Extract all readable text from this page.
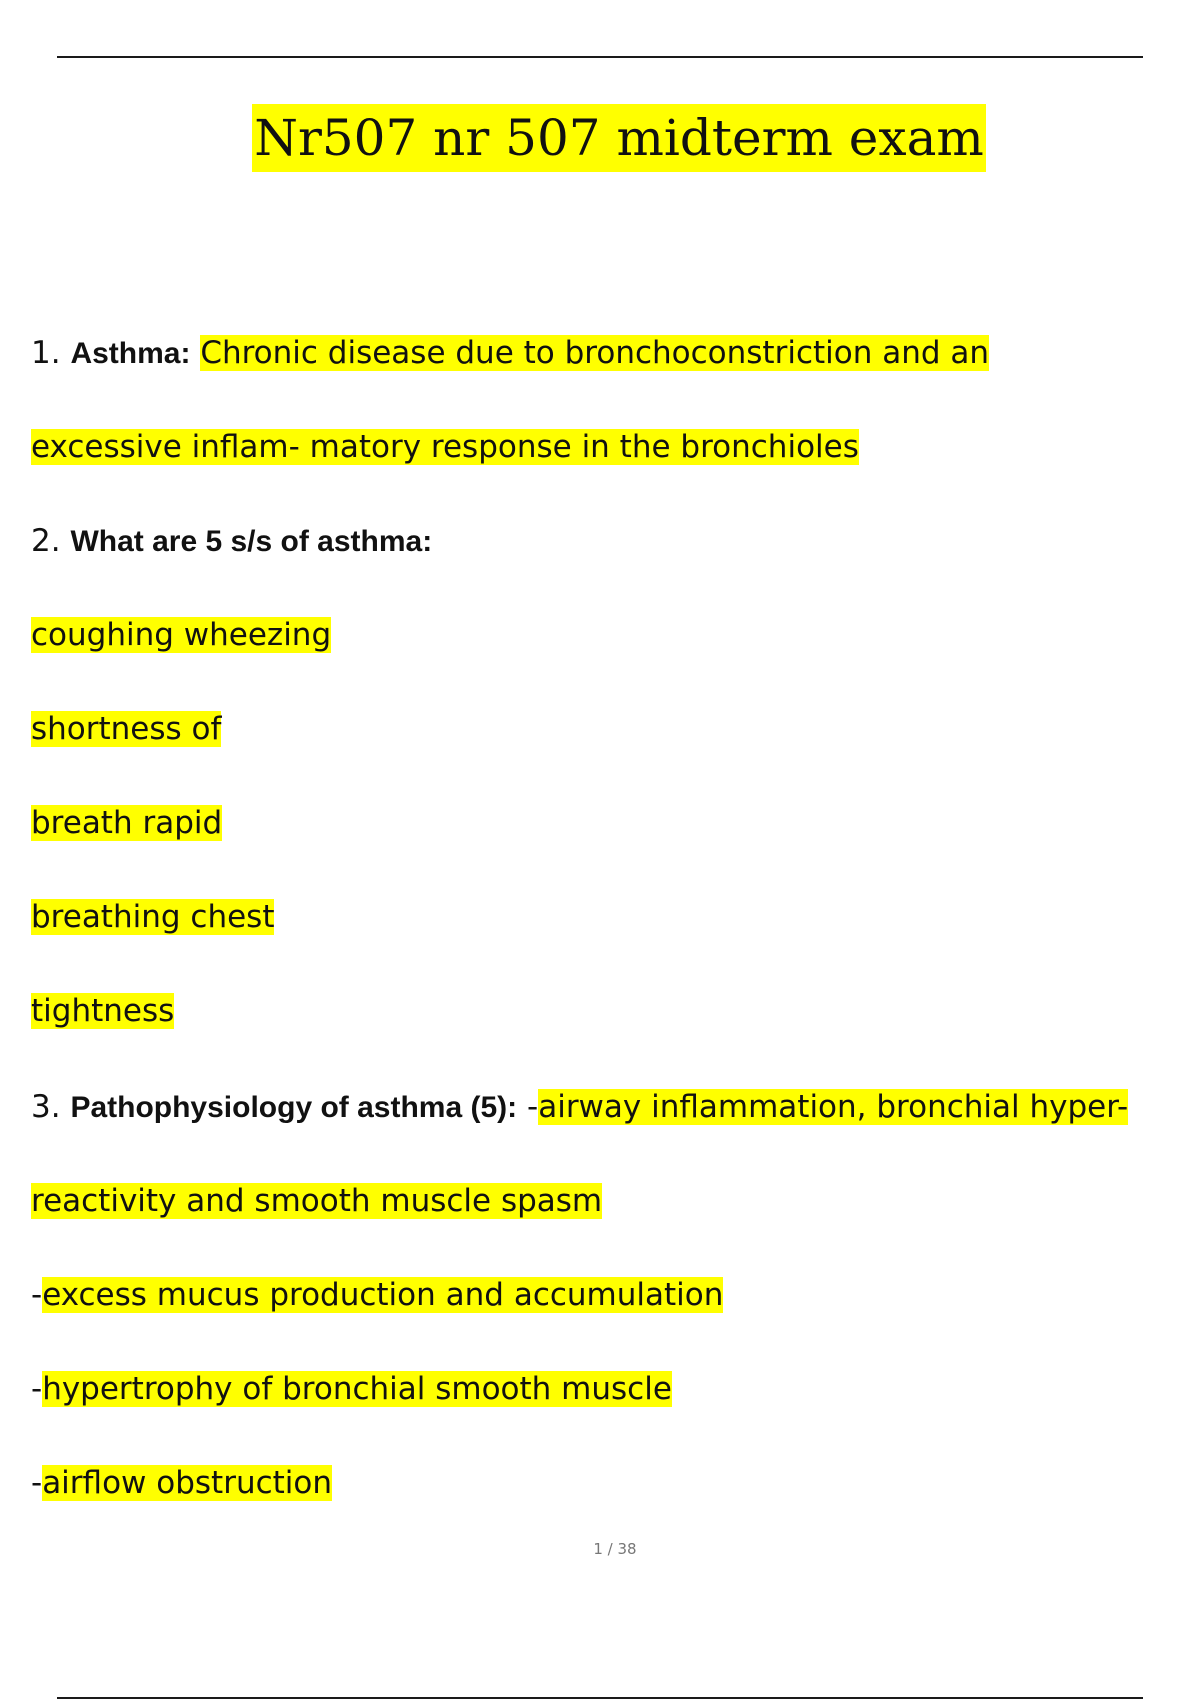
Nr507 nr 507 midterm exam
1. Asthma: Chronic disease due to bronchoconstriction and an
excessive inflam- matory response in the bronchioles
2. What are 5 s/s of asthma:
coughing wheezing
shortness of
breath rapid
breathing chest
tightness
3. Pathophysiology of asthma (5): -airway inflammation, bronchial hyper-
reactivity and smooth muscle spasm
-excess mucus production and accumulation
-hypertrophy of bronchial smooth muscle
-airflow obstruction
1 / 38
